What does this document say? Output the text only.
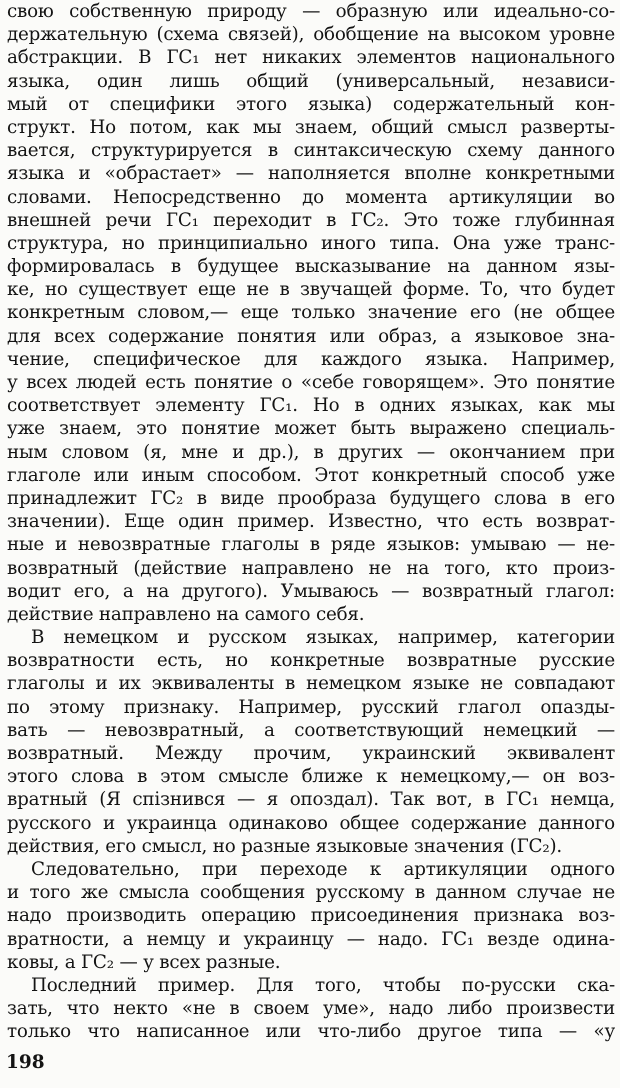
свою собственную природу — образную или идеально-со-
держательную (схема связей), обобщение на высоком уровне
абстракции. В ГС₁ нет никаких элементов национального
языка, один лишь общий (универсальный, независи-
мый от специфики этого языка) содержательный кон-
структ. Но потом, как мы знаем, общий смысл разверты-
вается, структурируется в синтаксическую схему данного
языка и «обрастает» — наполняется вполне конкретными
словами. Непосредственно до момента артикуляции во
внешней речи ГС₁ переходит в ГС₂. Это тоже глубинная
структура, но принципиально иного типа. Она уже транс-
формировалась в будущее высказывание на данном язы-
ке, но существует еще не в звучащей форме. То, что будет
конкретным словом,— еще только значение его (не общее
для всех содержание понятия или образ, а языковое зна-
чение, специфическое для каждого языка. Например,
у всех людей есть понятие о «себе говорящем». Это понятие
соответствует элементу ГС₁. Но в одних языках, как мы
уже знаем, это понятие может быть выражено специаль-
ным словом (я, мне и др.), в других — окончанием при
глаголе или иным способом. Этот конкретный способ уже
принадлежит ГС₂ в виде прообраза будущего слова в его
значении). Еще один пример. Известно, что есть возврат-
ные и невозвратные глаголы в ряде языков: умываю — не-
возвратный (действие направлено не на того, кто произ-
водит его, а на другого). Умываюсь — возвратный глагол:
действие направлено на самого себя.
В немецком и русском языках, например, категории
возвратности есть, но конкретные возвратные русские
глаголы и их эквиваленты в немецком языке не совпадают
по этому признаку. Например, русский глагол опазды-
вать — невозвратный, а соответствующий немецкий —
возвратный. Между прочим, украинский эквивалент
этого слова в этом смысле ближе к немецкому,— он воз-
вратный (Я спізнився — я опоздал). Так вот, в ГС₁ немца,
русского и украинца одинаково общее содержание данного
действия, его смысл, но разные языковые значения (ГС₂).
Следовательно, при переходе к артикуляции одного
и того же смысла сообщения русскому в данном случае не
надо производить операцию присоединения признака воз-
вратности, а немцу и украинцу — надо. ГС₁ везде одина-
ковы, а ГС₂ — у всех разные.
Последний пример. Для того, чтобы по-русски ска-
зать, что некто «не в своем уме», надо либо произвести
только что написанное или что-либо другое типа — «у
198
